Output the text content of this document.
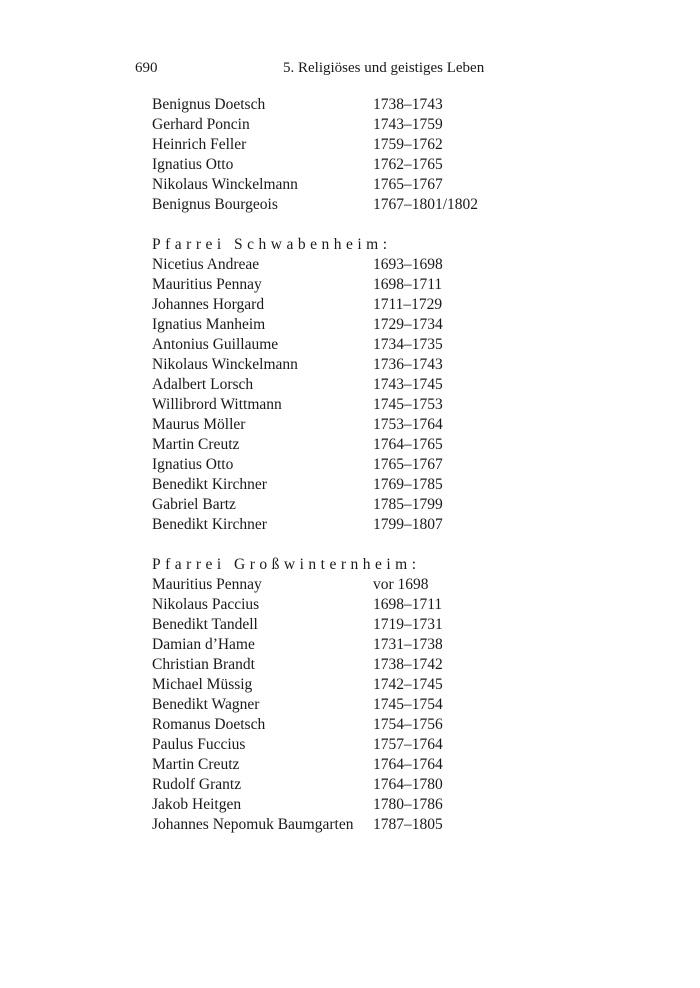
690	5. Religiöses und geistiges Leben
Benignus Doetsch	1738–1743
Gerhard Poncin	1743–1759
Heinrich Feller	1759–1762
Ignatius Otto	1762–1765
Nikolaus Winckelmann	1765–1767
Benignus Bourgeois	1767–1801/1802
Pfarrei Schwabenheim:
Nicetius Andreae	1693–1698
Mauritius Pennay	1698–1711
Johannes Horgard	1711–1729
Ignatius Manheim	1729–1734
Antonius Guillaume	1734–1735
Nikolaus Winckelmann	1736–1743
Adalbert Lorsch	1743–1745
Willibrord Wittmann	1745–1753
Maurus Möller	1753–1764
Martin Creutz	1764–1765
Ignatius Otto	1765–1767
Benedikt Kirchner	1769–1785
Gabriel Bartz	1785–1799
Benedikt Kirchner	1799–1807
Pfarrei Großwinternheim:
Mauritius Pennay	vor 1698
Nikolaus Paccius	1698–1711
Benedikt Tandell	1719–1731
Damian d’Hame	1731–1738
Christian Brandt	1738–1742
Michael Müssig	1742–1745
Benedikt Wagner	1745–1754
Romanus Doetsch	1754–1756
Paulus Fuccius	1757–1764
Martin Creutz	1764–1764
Rudolf Grantz	1764–1780
Jakob Heitgen	1780–1786
Johannes Nepomuk Baumgarten	1787–1805
